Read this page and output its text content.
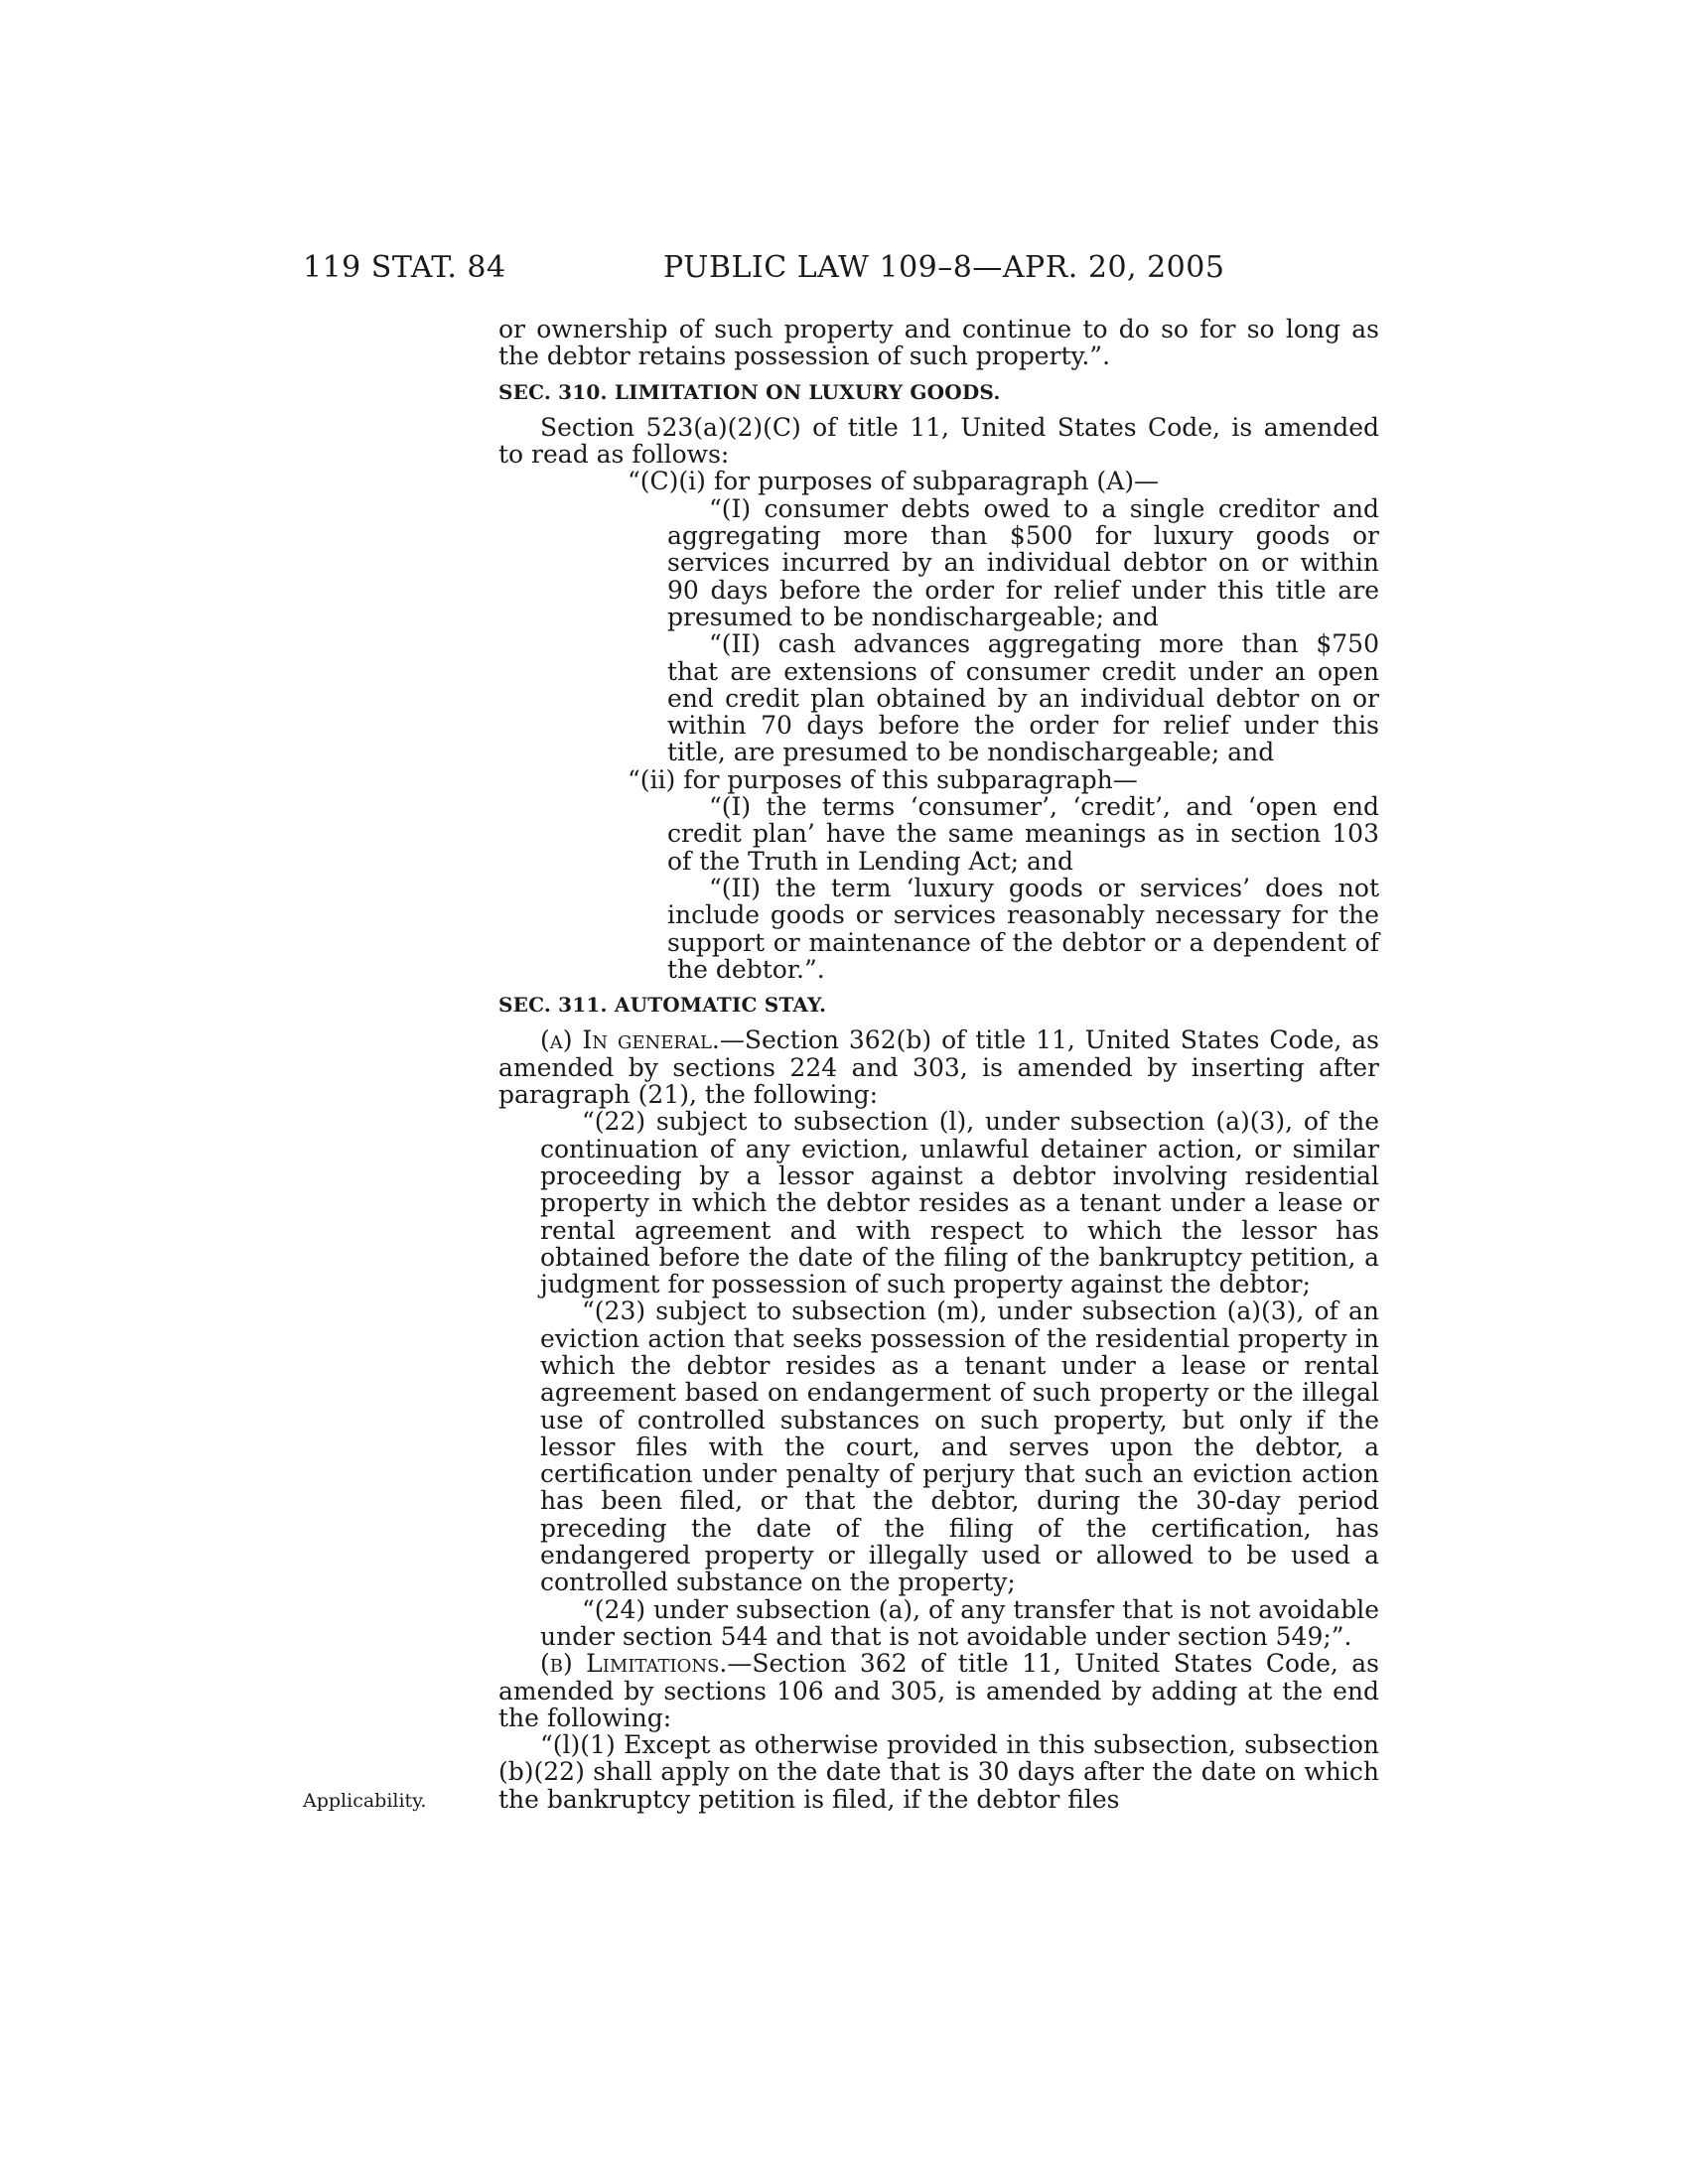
119 STAT. 84	PUBLIC LAW 109–8—APR. 20, 2005
Applicability.

or ownership of such property and continue to do so for so long as the debtor retains possession of such property.”.

SEC. 310. LIMITATION ON LUXURY GOODS.

Section 523(a)(2)(C) of title 11, United States Code, is amended to read as follows:

“(C)(i) for purposes of subparagraph (A)—

“(I) consumer debts owed to a single creditor and aggregating more than $500 for luxury goods or services incurred by an individual debtor on or within 90 days before the order for relief under this title are presumed to be nondischargeable; and

“(II) cash advances aggregating more than $750 that are extensions of consumer credit under an open end credit plan obtained by an individual debtor on or within 70 days before the order for relief under this title, are presumed to be nondischargeable; and

“(ii) for purposes of this subparagraph—

“(I) the terms ‘consumer’, ‘credit’, and ‘open end credit plan’ have the same meanings as in section 103 of the Truth in Lending Act; and

“(II) the term ‘luxury goods or services’ does not include goods or services reasonably necessary for the support or maintenance of the debtor or a dependent of the debtor.”.

SEC. 311. AUTOMATIC STAY.

(a) In general.—Section 362(b) of title 11, United States Code, as amended by sections 224 and 303, is amended by inserting after paragraph (21), the following:

“(22) subject to subsection (l), under subsection (a)(3), of the continuation of any eviction, unlawful detainer action, or similar proceeding by a lessor against a debtor involving residential property in which the debtor resides as a tenant under a lease or rental agreement and with respect to which the lessor has obtained before the date of the filing of the bankruptcy petition, a judgment for possession of such property against the debtor;

“(23) subject to subsection (m), under subsection (a)(3), of an eviction action that seeks possession of the residential property in which the debtor resides as a tenant under a lease or rental agreement based on endangerment of such property or the illegal use of controlled substances on such property, but only if the lessor files with the court, and serves upon the debtor, a certification under penalty of perjury that such an eviction action has been filed, or that the debtor, during the 30-day period preceding the date of the filing of the certification, has endangered property or illegally used or allowed to be used a controlled substance on the property;

“(24) under subsection (a), of any transfer that is not avoidable under section 544 and that is not avoidable under section 549;”.

(b) Limitations.—Section 362 of title 11, United States Code, as amended by sections 106 and 305, is amended by adding at the end the following:

“(l)(1) Except as otherwise provided in this subsection, subsection (b)(22) shall apply on the date that is 30 days after the date on which the bankruptcy petition is filed, if the debtor files
